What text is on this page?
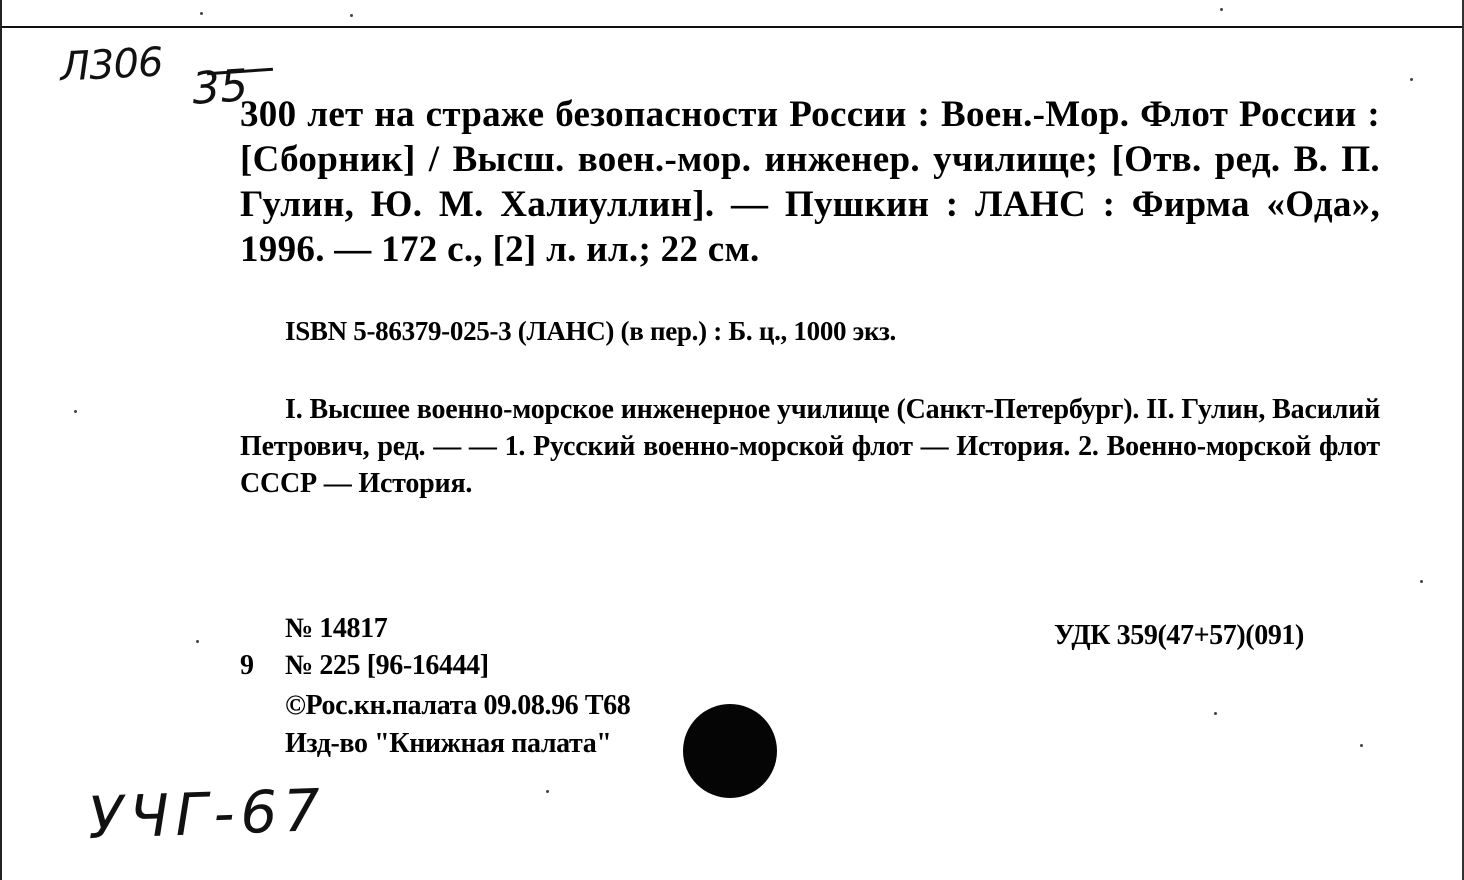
Л306 35
300 лет на страже безопасности России : Воен.-Мор. Флот России : [Сборник] / Высш. воен.-мор. инженер. училище; [Отв. ред. В. П. Гулин, Ю. М. Халиуллин]. — Пушкин : ЛАНС : Фирма «Ода», 1996. — 172 с., [2] л. ил.; 22 см.
ISBN 5-86379-025-3 (ЛАНС) (в пер.) : Б. ц., 1000 экз.
I. Высшее военно-морское инженерное училище (Санкт-Петербург). II. Гулин, Василий Петрович, ред. — — 1. Русский военно-морской флот — История. 2. Военно-морской флот СССР — История.
№ 14817
9 № 225 [96-16444]
©Рос.кн.палата 09.08.96 Т68
Изд-во "Книжная палата"
УДК 359(47+57)(091)
УЧГ-67
